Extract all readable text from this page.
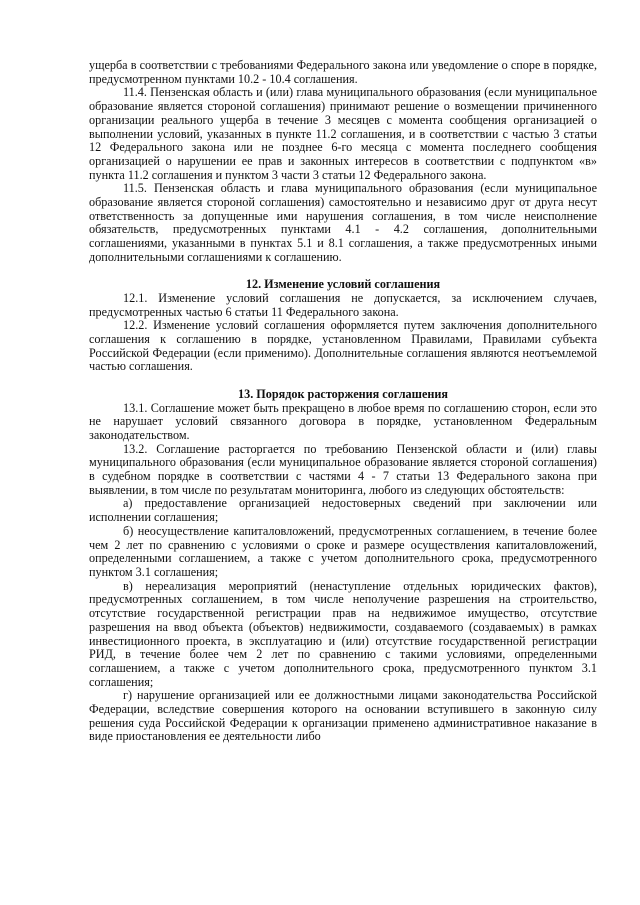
ущерба в соответствии с требованиями Федерального закона или уведомление о споре в порядке, предусмотренном пунктами 10.2 - 10.4 соглашения.

11.4. Пензенская область и (или) глава муниципального образования (если муниципальное образование является стороной соглашения) принимают решение о возмещении причиненного организации реального ущерба в течение 3 месяцев с момента сообщения организацией о выполнении условий, указанных в пункте 11.2 соглашения, и в соответствии с частью 3 статьи 12 Федерального закона или не позднее 6-го месяца с момента последнего сообщения организацией о нарушении ее прав и законных интересов в соответствии с подпунктом «в» пункта 11.2 соглашения и пунктом 3 части 3 статьи 12 Федерального закона.

11.5. Пензенская область и глава муниципального образования (если муниципальное образование является стороной соглашения) самостоятельно и независимо друг от друга несут ответственность за допущенные ими нарушения соглашения, в том числе неисполнение обязательств, предусмотренных пунктами 4.1 - 4.2 соглашения, дополнительными соглашениями, указанными в пунктах 5.1 и 8.1 соглашения, а также предусмотренных иными дополнительными соглашениями к соглашению.

12. Изменение условий соглашения

12.1. Изменение условий соглашения не допускается, за исключением случаев, предусмотренных частью 6 статьи 11 Федерального закона.

12.2. Изменение условий соглашения оформляется путем заключения дополнительного соглашения к соглашению в порядке, установленном Правилами, Правилами субъекта Российской Федерации (если применимо). Дополнительные соглашения являются неотъемлемой частью соглашения.

13. Порядок расторжения соглашения

13.1. Соглашение может быть прекращено в любое время по соглашению сторон, если это не нарушает условий связанного договора в порядке, установленном Федеральным законодательством.

13.2. Соглашение расторгается по требованию Пензенской области и (или) главы муниципального образования (если муниципальное образование является стороной соглашения) в судебном порядке в соответствии с частями 4 - 7 статьи 13 Федерального закона при выявлении, в том числе по результатам мониторинга, любого из следующих обстоятельств:

а) предоставление организацией недостоверных сведений при заключении или исполнении соглашения;

б) неосуществление капиталовложений, предусмотренных соглашением, в течение более чем 2 лет по сравнению с условиями о сроке и размере осуществления капиталовложений, определенными соглашением, а также с учетом дополнительного срока, предусмотренного пунктом 3.1 соглашения;

в) нереализация мероприятий (ненаступление отдельных юридических фактов), предусмотренных соглашением, в том числе неполучение разрешения на строительство, отсутствие государственной регистрации прав на недвижимое имущество, отсутствие разрешения на ввод объекта (объектов) недвижимости, создаваемого (создаваемых) в рамках инвестиционного проекта, в эксплуатацию и (или) отсутствие государственной регистрации РИД, в течение более чем 2 лет по сравнению с такими условиями, определенными соглашением, а также с учетом дополнительного срока, предусмотренного пунктом 3.1 соглашения;

г) нарушение организацией или ее должностными лицами законодательства Российской Федерации, вследствие совершения которого на основании вступившего в законную силу решения суда Российской Федерации к организации применено административное наказание в виде приостановления ее деятельности либо
